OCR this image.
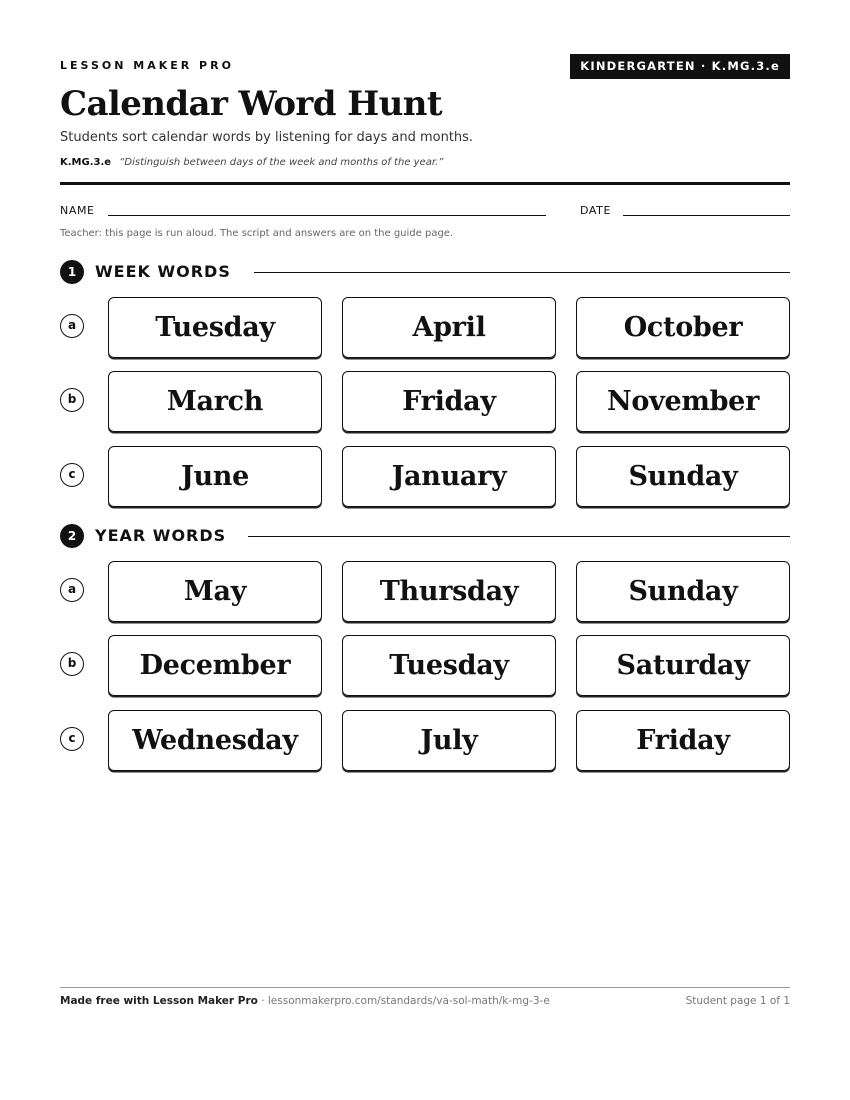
LESSON MAKER PRO	KINDERGARTEN · K.MG.3.e
Calendar Word Hunt
Students sort calendar words by listening for days and months.
K.MG.3.e “Distinguish between days of the week and months of the year.”
NAME	DATE
Teacher: this page is run aloud. The script and answers are on the guide page.
1	WEEK WORDS
a	Tuesday	April	October
b	March	Friday	November
c	June	January	Sunday
2	YEAR WORDS
a	May	Thursday	Sunday
b	December	Tuesday	Saturday
c	Wednesday	July	Friday
Made free with Lesson Maker Pro · lessonmakerpro.com/standards/va-sol-math/k-mg-3-e	Student page 1 of 1
